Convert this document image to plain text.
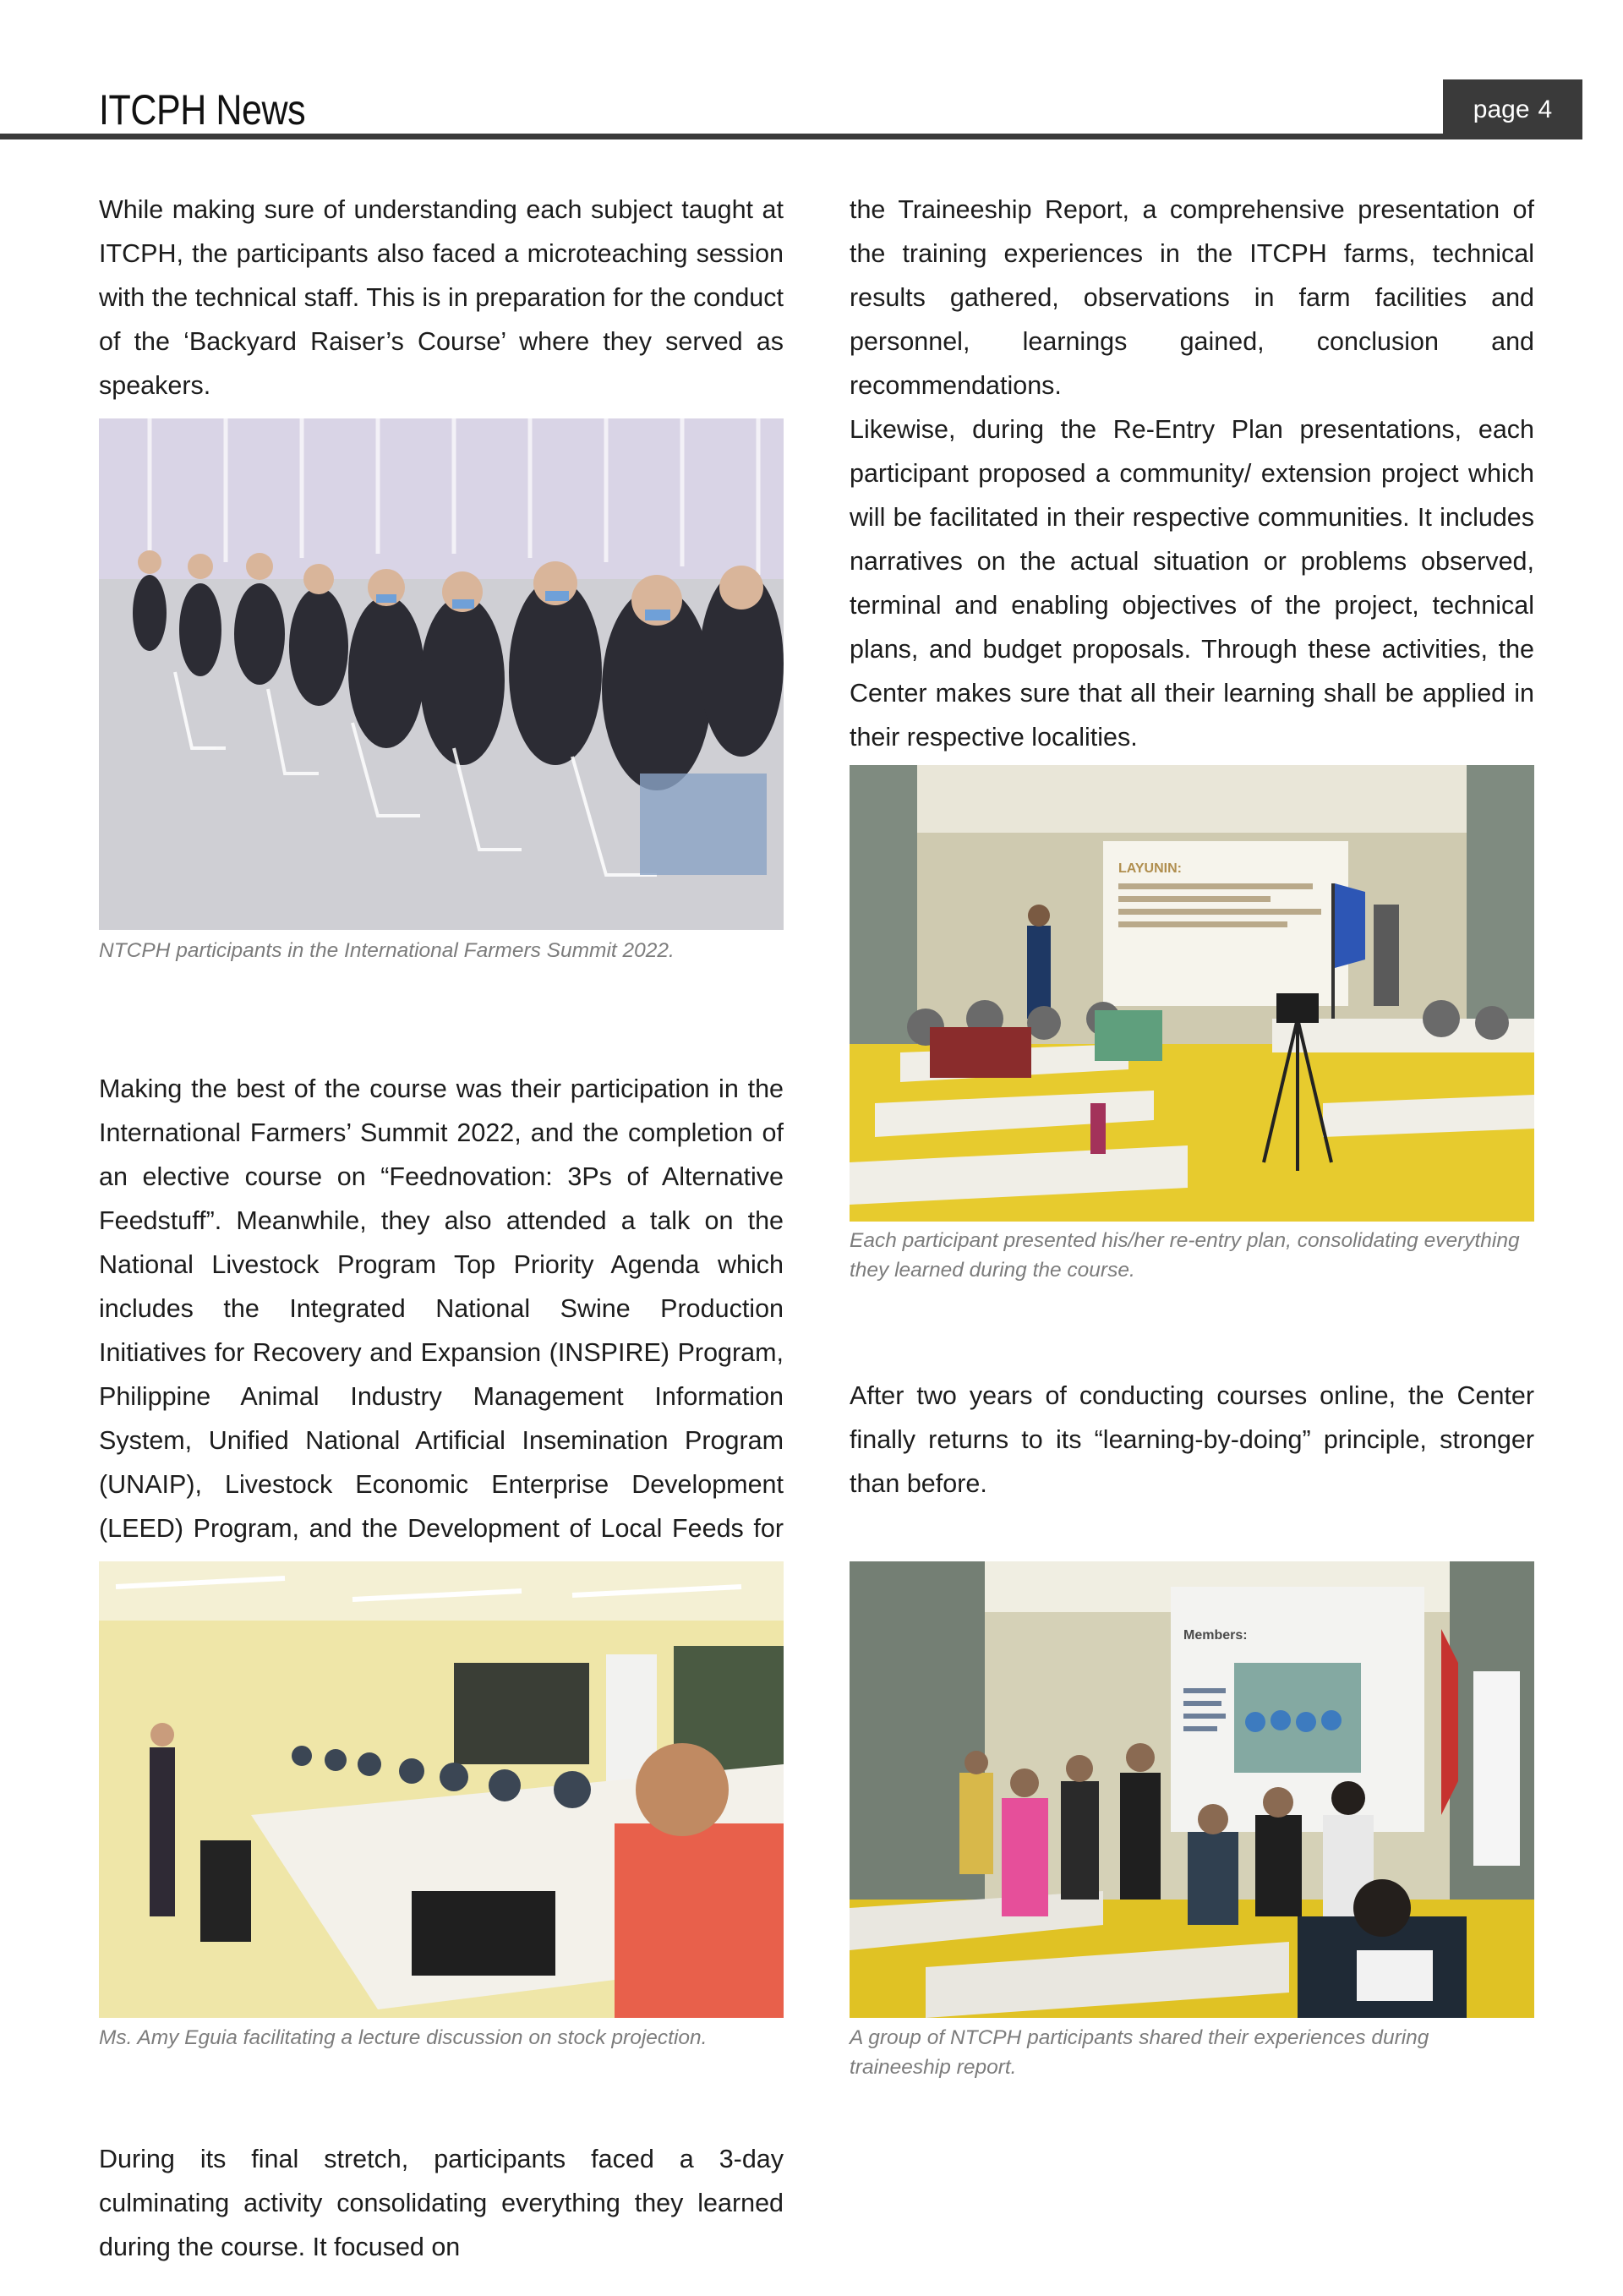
ITCPH News	page 4

While making sure of understanding each subject taught at ITCPH, the participants also faced a microteaching session with the technical staff. This is in preparation for the conduct of the ‘Backyard Raiser’s Course’ where they served as speakers.

NTCPH participants in the International Farmers Summit 2022.

Making the best of the course was their participation in the International Farmers’ Summit 2022, and the completion of an elective course on “Feednovation: 3Ps of Alternative Feedstuff”. Meanwhile, they also attended a talk on the National Livestock Program Top Priority Agenda which includes the Integrated National Swine Production Initiatives for Recovery and Expansion (INSPIRE) Program, Philippine Animal Industry Management Information System, Unified National Artificial Insemination Program (UNAIP), Livestock Economic Enterprise Development (LEED) Program, and the Development of Local Feeds for

Ms. Amy Eguia facilitating a lecture discussion on stock projection.

During its final stretch, participants faced a 3-day culminating activity consolidating everything they learned during the course. It focused on

the Traineeship Report, a comprehensive presentation of the training experiences in the ITCPH farms, technical results gathered, observations in farm facilities and personnel, learnings gained, conclusion and recommendations.

Likewise, during the Re-Entry Plan presentations, each participant proposed a community/ extension project which will be facilitated in their respective communities. It includes narratives on the actual situation or problems observed, terminal and enabling objectives of the project, technical plans, and budget proposals. Through these activities, the Center makes sure that all their learning shall be applied in their respective localities.

LAYUNIN:

Each participant presented his/her re-entry plan, consolidating everything they learned during the course.

After two years of conducting courses online, the Center finally returns to its “learning-by-doing” principle, stronger than before.

Members:

A group of NTCPH participants shared their experiences during traineeship report.
